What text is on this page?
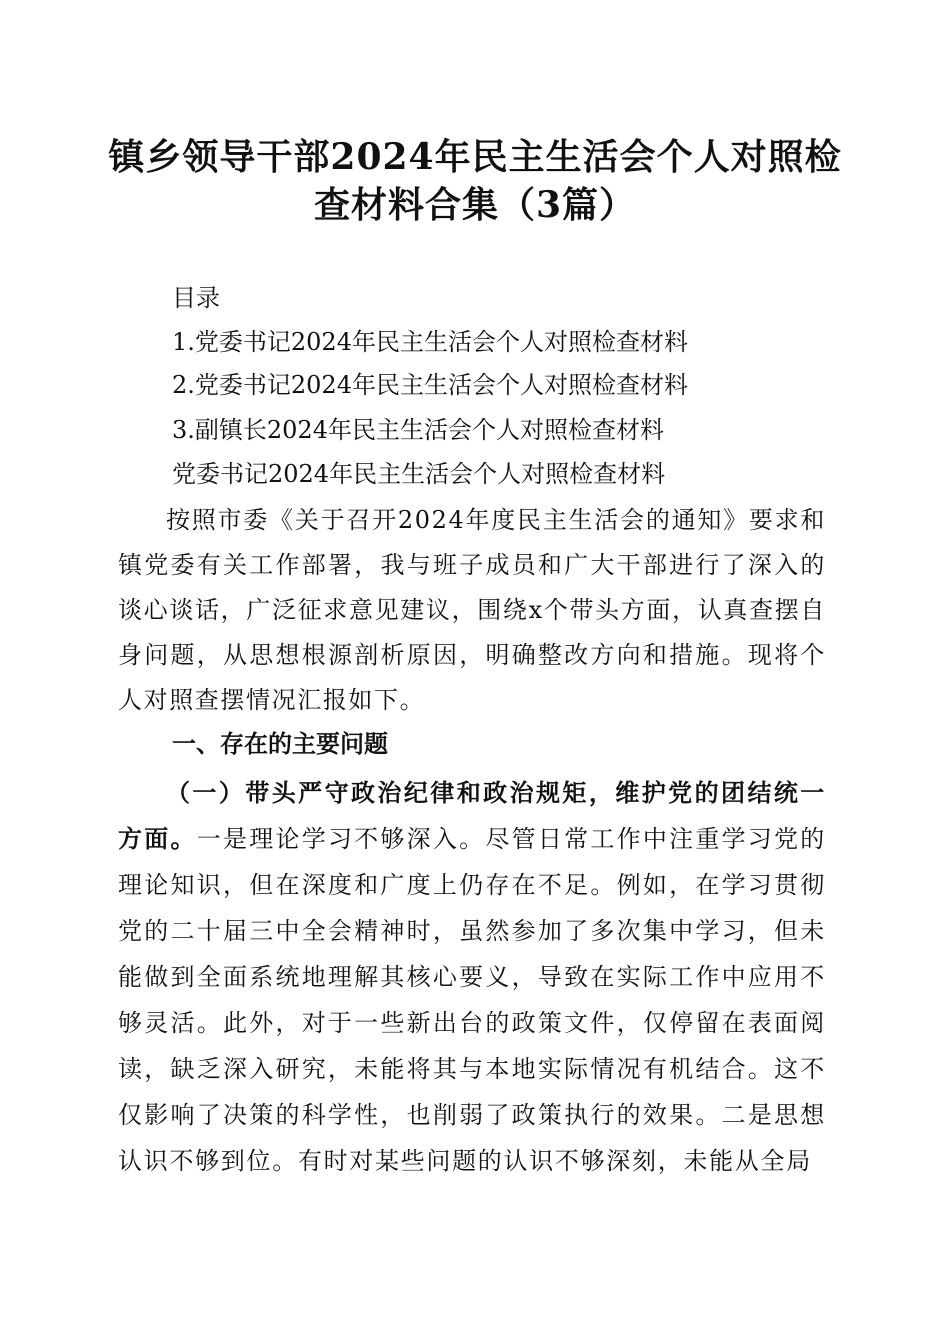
镇乡领导干部2024年民主生活会个人对照检查材料合集（3篇）
目录
1.党委书记2024年民主生活会个人对照检查材料
2.党委书记2024年民主生活会个人对照检查材料
3.副镇长2024年民主生活会个人对照检查材料
党委书记2024年民主生活会个人对照检查材料
按照市委《关于召开2024年度民主生活会的通知》要求和镇党委有关工作部署，我与班子成员和广大干部进行了深入的谈心谈话，广泛征求意见建议，围绕x个带头方面，认真查摆自身问题，从思想根源剖析原因，明确整改方向和措施。现将个人对照查摆情况汇报如下。
一、存在的主要问题
（一）带头严守政治纪律和政治规矩，维护党的团结统一方面。一是理论学习不够深入。尽管日常工作中注重学习党的理论知识，但在深度和广度上仍存在不足。例如，在学习贯彻党的二十届三中全会精神时，虽然参加了多次集中学习，但未能做到全面系统地理解其核心要义，导致在实际工作中应用不够灵活。此外，对于一些新出台的政策文件，仅停留在表面阅读，缺乏深入研究，未能将其与本地实际情况有机结合。这不仅影响了决策的科学性，也削弱了政策执行的效果。二是思想认识不够到位。有时对某些问题的认识不够深刻，未能从全局
